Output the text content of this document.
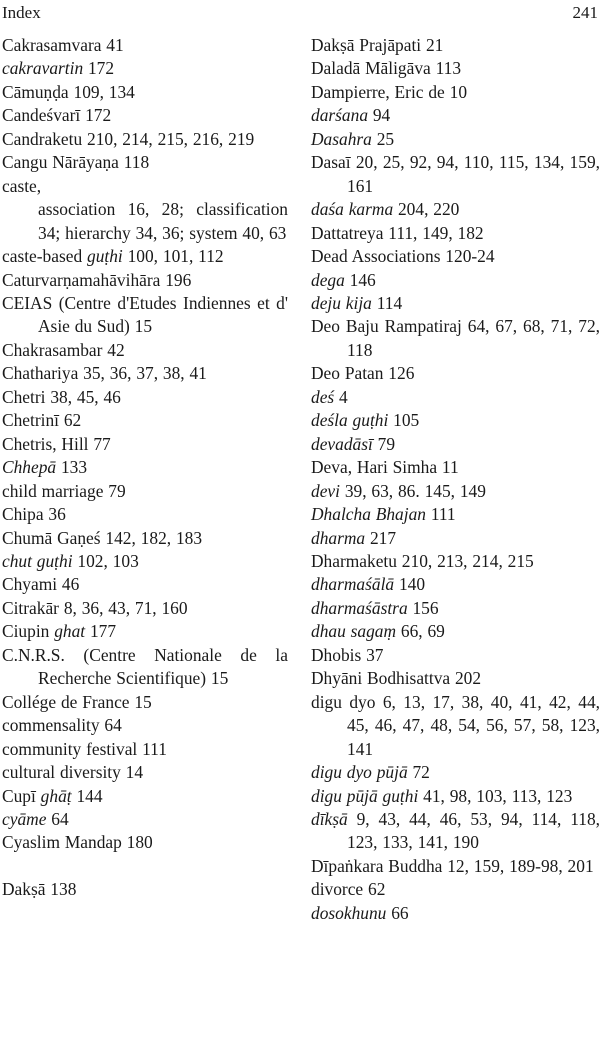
Index	241
Cakrasamvara 41
cakravartin 172
Cāmuṇḍa 109, 134
Candeśvarī 172
Candraketu 210, 214, 215, 216, 219
Cangu Nārāyaṇa 118
caste,
association 16, 28; classification 34; hierarchy 34, 36; system 40, 63
caste-based guṭhi 100, 101, 112
Caturvarṇamahāvihāra 196
CEIAS (Centre d'Etudes Indiennes et d' Asie du Sud) 15
Chakrasambar 42
Chathariya 35, 36, 37, 38, 41
Chetri 38, 45, 46
Chetrinī 62
Chetris, Hill 77
Chhepā 133
child marriage 79
Chipa 36
Chumā Gaṇeś 142, 182, 183
chut guṭhi 102, 103
Chyami 46
Citrakār 8, 36, 43, 71, 160
Ciupin ghat 177
C.N.R.S. (Centre Nationale de la Recherche Scientifique) 15
Collége de France 15
commensality 64
community festival 111
cultural diversity 14
Cupī ghāṭ 144
cyāme 64
Cyaslim Mandap 180
Dakṣā 138
Dakṣā Prajāpati 21
Daladā Māligāva 113
Dampierre, Eric de 10
darśana 94
Dasahra 25
Dasaī 20, 25, 92, 94, 110, 115, 134, 159, 161
daśa karma 204, 220
Dattatreya 111, 149, 182
Dead Associations 120-24
dega 146
deju kija 114
Deo Baju Rampatiraj 64, 67, 68, 71, 72, 118
Deo Patan 126
deś 4
deśla guṭhi 105
devadāsī 79
Deva, Hari Simha 11
devi 39, 63, 86. 145, 149
Dhalcha Bhajan 111
dharma 217
Dharmaketu 210, 213, 214, 215
dharmaśālā 140
dharmaśāstra 156
dhau sagaṃ 66, 69
Dhobis 37
Dhyāni Bodhisattva 202
digu dyo 6, 13, 17, 38, 40, 41, 42, 44, 45, 46, 47, 48, 54, 56, 57, 58, 123, 141
digu dyo pūjā 72
digu pūjā guṭhi 41, 98, 103, 113, 123
dīkṣā 9, 43, 44, 46, 53, 94, 114, 118, 123, 133, 141, 190
Dīpaṅkara Buddha 12, 159, 189-98, 201
divorce 62
dosokhunu 66
